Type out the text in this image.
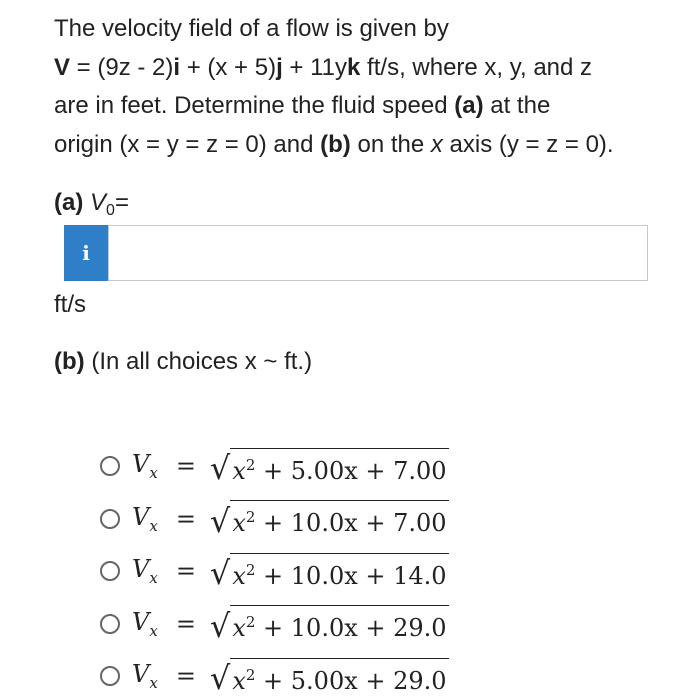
The velocity field of a flow is given by
V = (9z - 2)i + (x + 5)j + 11yk ft/s, where x, y, and z
are in feet. Determine the fluid speed (a) at the
origin (x = y = z = 0) and (b) on the x axis (y = z = 0).
(a) $V_0=$
i
ft/s
(b) (In all choices x ~ ft.)
$V_x$ = √ $x^2 + 5.00x + 7.00$
$V_x$ = √ $x^2 + 10.0x + 7.00$
$V_x$ = √ $x^2 + 10.0x + 14.0$
$V_x$ = √ $x^2 + 10.0x + 29.0$
$V_x$ = √ $x^2 + 5.00x + 29.0$
